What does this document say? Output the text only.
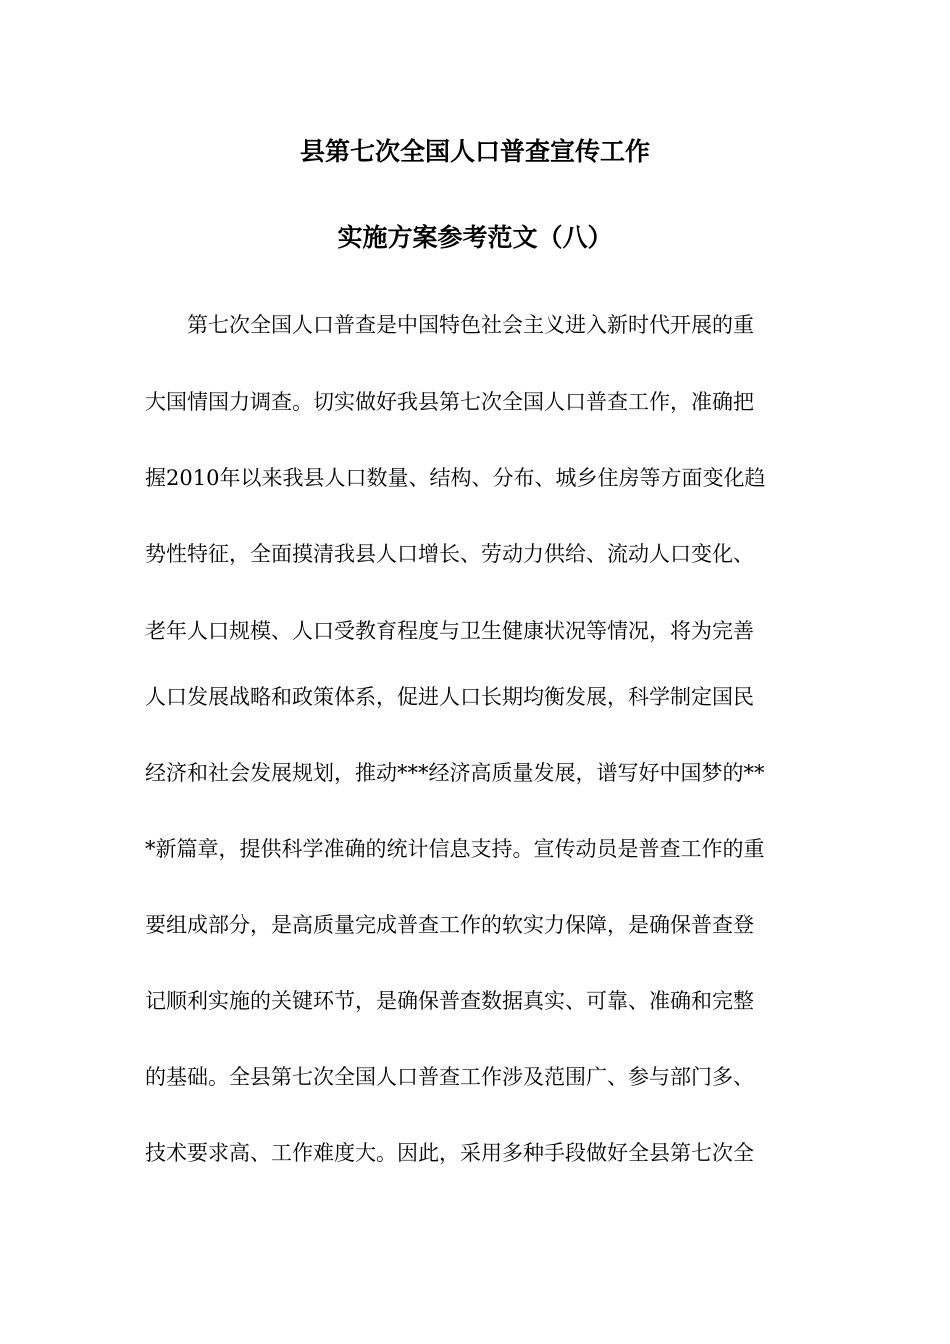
县第七次全国人口普查宣传工作
实施方案参考范文（八）
第七次全国人口普查是中国特色社会主义进入新时代开展的重
大国情国力调查。切实做好我县第七次全国人口普查工作，准确把
握2010年以来我县人口数量、结构、分布、城乡住房等方面变化趋
势性特征，全面摸清我县人口增长、劳动力供给、流动人口变化、
老年人口规模、人口受教育程度与卫生健康状况等情况，将为完善
人口发展战略和政策体系，促进人口长期均衡发展，科学制定国民
经济和社会发展规划，推动***经济高质量发展，谱写好中国梦的**
*新篇章，提供科学准确的统计信息支持。宣传动员是普查工作的重
要组成部分，是高质量完成普查工作的软实力保障，是确保普查登
记顺利实施的关键环节，是确保普查数据真实、可靠、准确和完整
的基础。全县第七次全国人口普查工作涉及范围广、参与部门多、
技术要求高、工作难度大。因此，采用多种手段做好全县第七次全
